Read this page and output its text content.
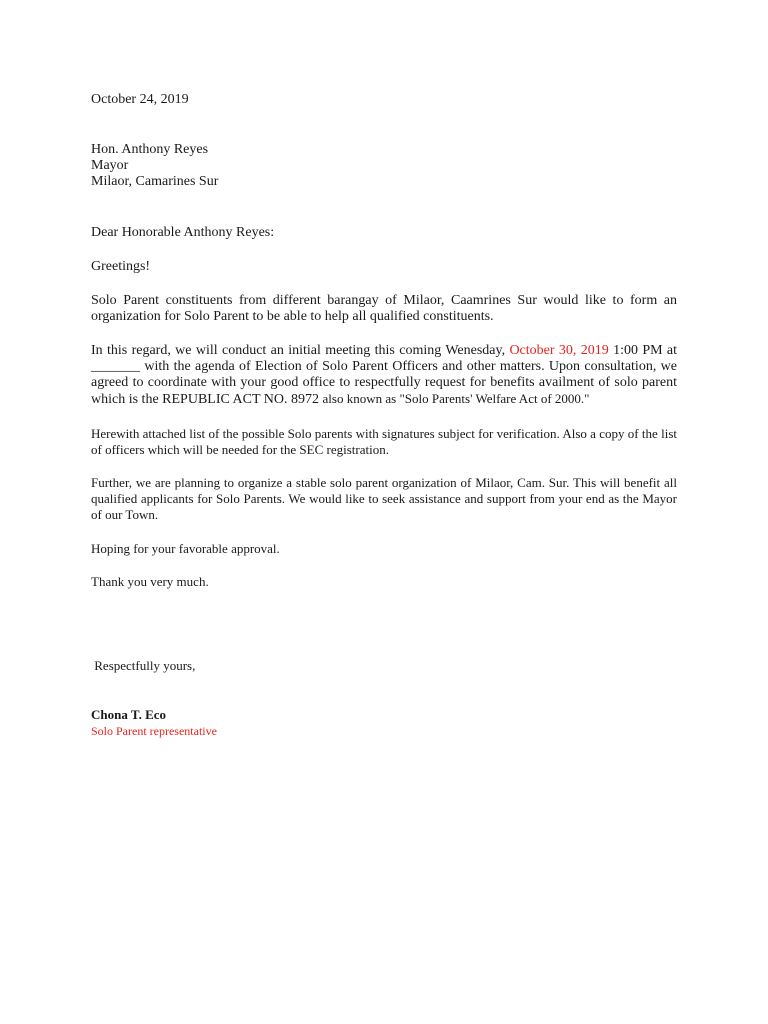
October 24, 2019
Hon. Anthony Reyes
Mayor
Milaor, Camarines Sur
Dear Honorable Anthony Reyes:
Greetings!
Solo Parent constituents from different barangay of Milaor, Caamrines Sur would like to form an organization for Solo Parent to be able to help all qualified constituents.
In this regard, we will conduct an initial meeting this coming Wenesday, October 30, 2019 1:00 PM at _______ with the agenda of Election of Solo Parent Officers and other matters. Upon consultation, we agreed to coordinate with your good office to respectfully request for benefits availment of solo parent which is the REPUBLIC ACT NO. 8972 also known as "Solo Parents' Welfare Act of 2000."
Herewith attached list of the possible Solo parents with signatures subject for verification. Also a copy of the list of officers which will be needed for the SEC registration.
Further, we are planning to organize a stable solo parent organization of Milaor, Cam. Sur. This will benefit all qualified applicants for Solo Parents. We would like to seek assistance and support from your end as the Mayor of our Town.
Hoping for your favorable approval.
Thank you very much.
Respectfully yours,
Chona T. Eco
Solo Parent representative
